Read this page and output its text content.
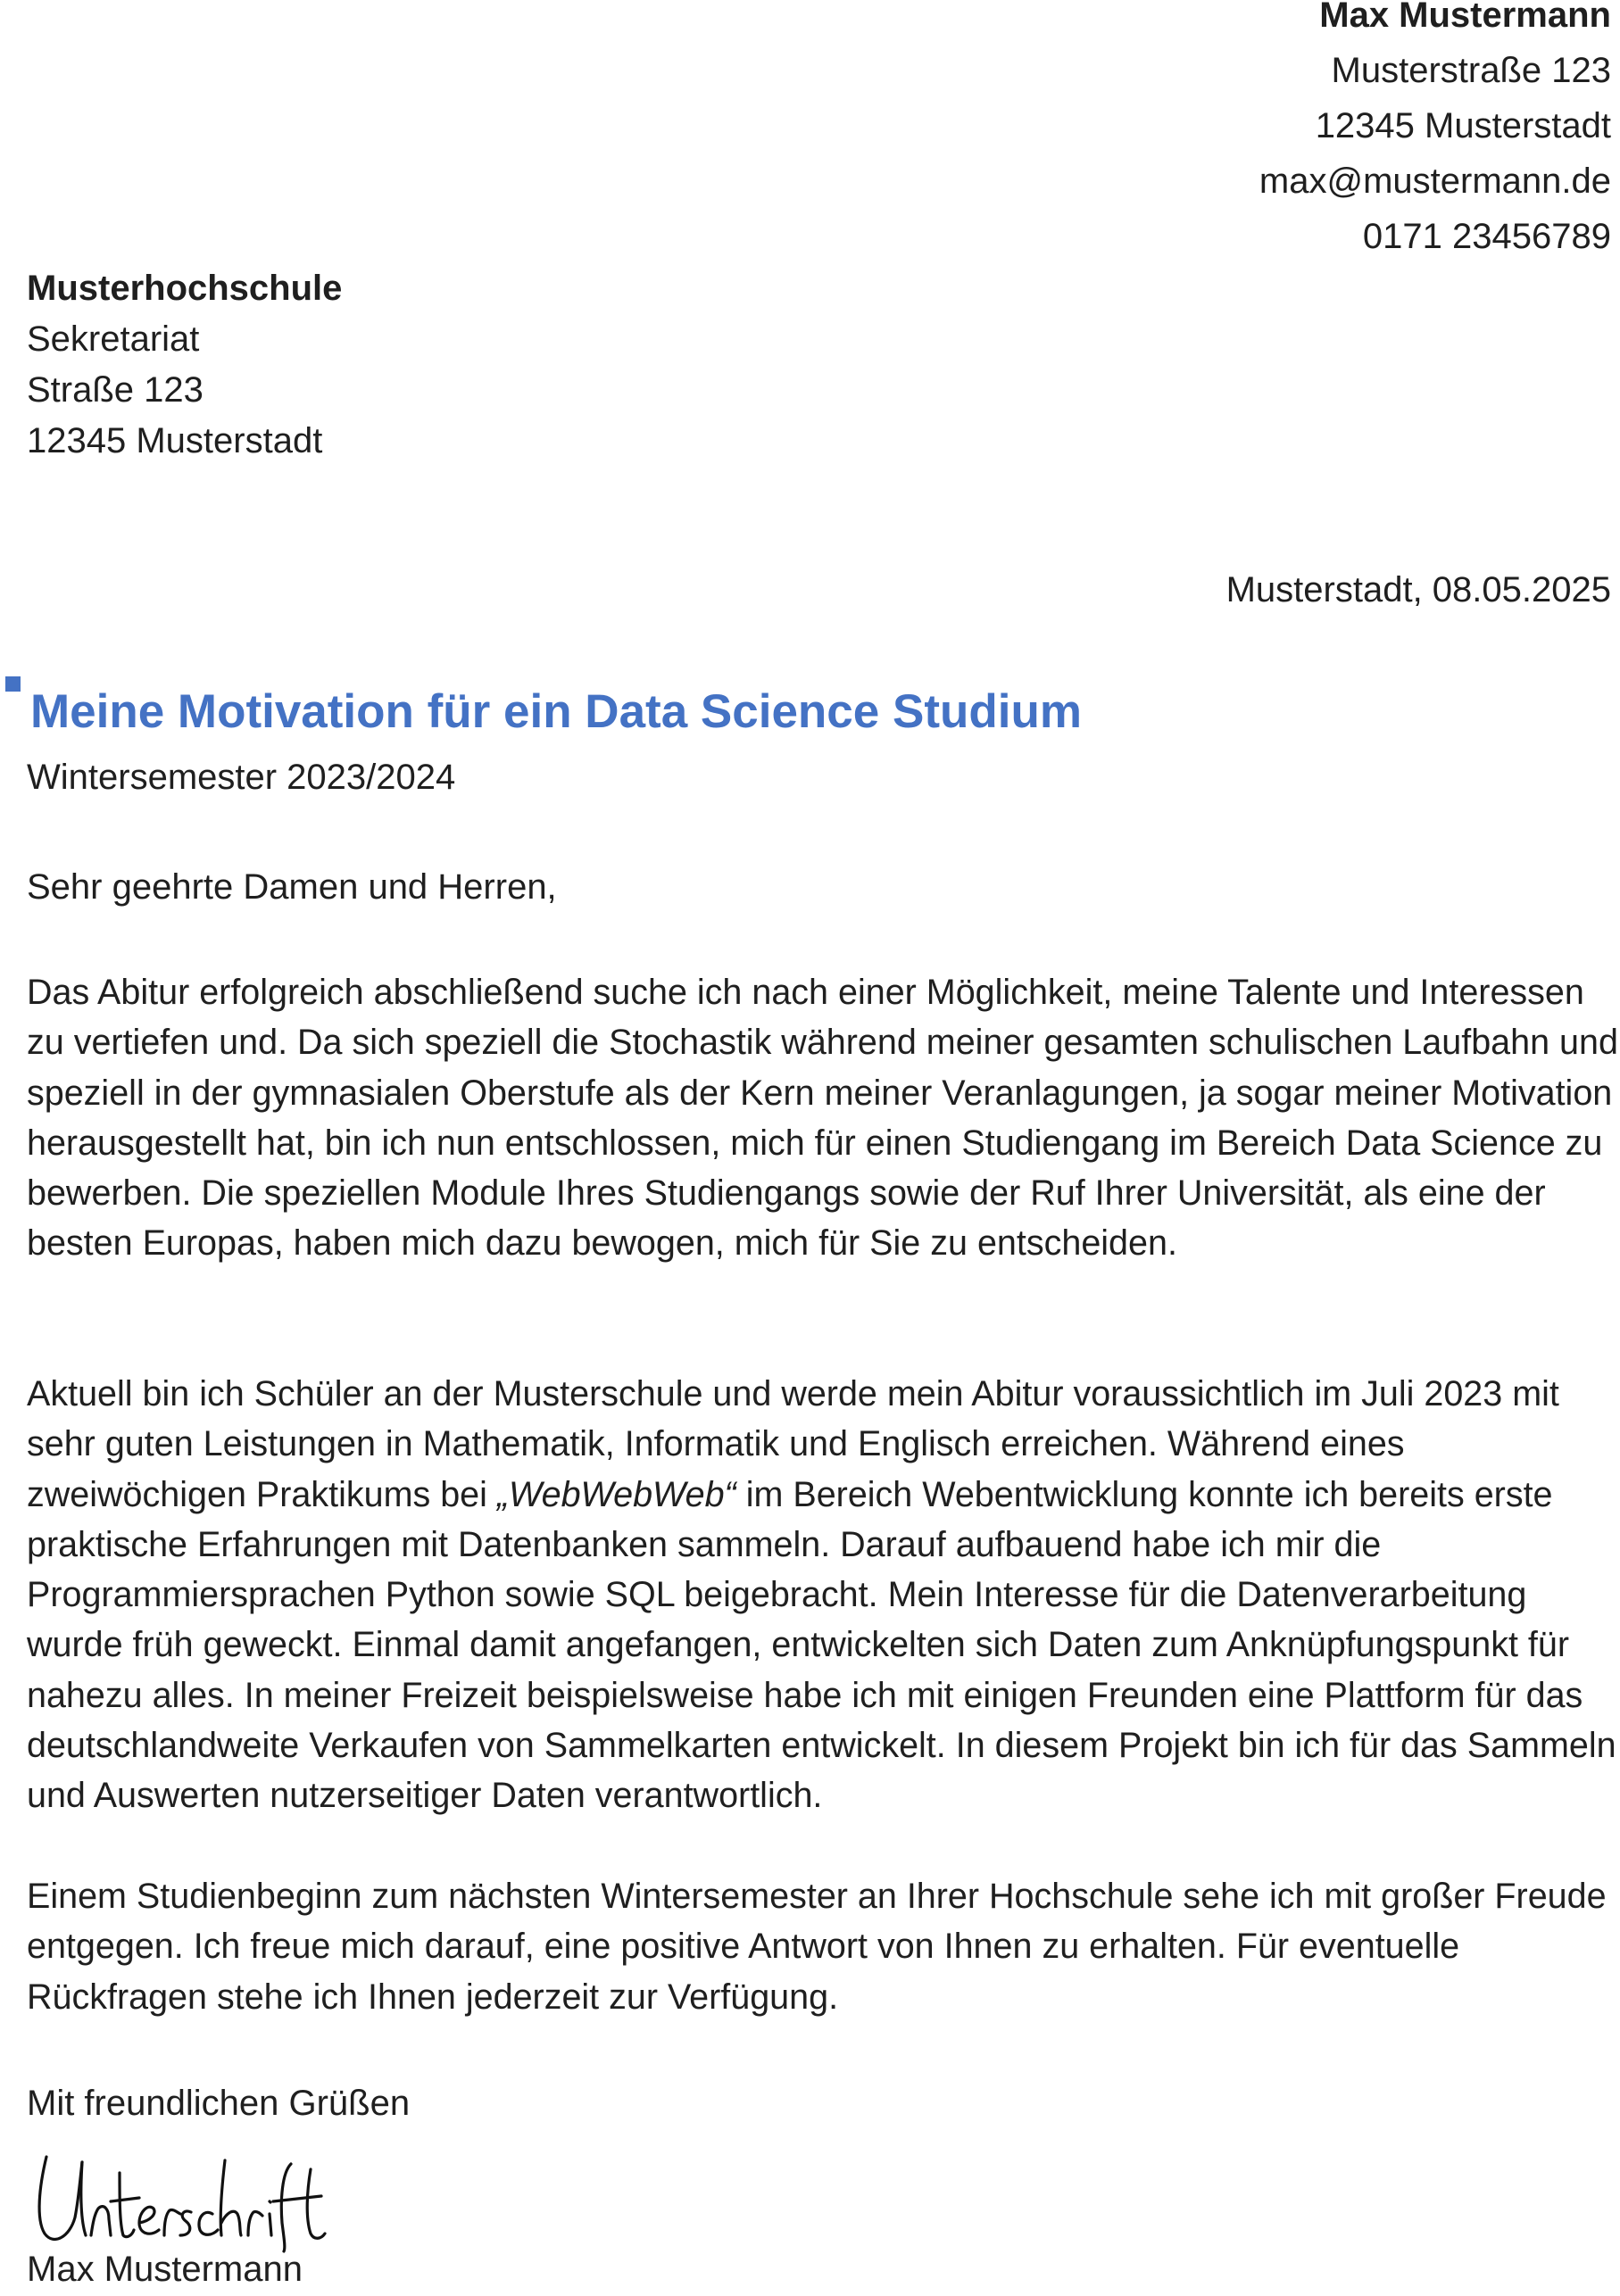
Max Mustermann
Musterstraße 123
12345 Musterstadt
max@mustermann.de
0171 23456789
Musterhochschule
Sekretariat
Straße 123
12345 Musterstadt
Musterstadt, 08.05.2025
Meine Motivation für ein Data Science Studium
Wintersemester 2023/2024
Sehr geehrte Damen und Herren,

Das Abitur erfolgreich abschließend suche ich nach einer Möglichkeit, meine Talente und Interessen zu vertiefen und. Da sich speziell die Stochastik während meiner gesamten schulischen Laufbahn und speziell in der gymnasialen Oberstufe als der Kern meiner Veranlagungen, ja sogar meiner Motivation herausgestellt hat, bin ich nun entschlossen, mich für einen Studiengang im Bereich Data Science zu bewerben. Die speziellen Module Ihres Studiengangs sowie der Ruf Ihrer Universität, als eine der besten Europas, haben mich dazu bewogen, mich für Sie zu entscheiden.

Aktuell bin ich Schüler an der Musterschule und werde mein Abitur voraussichtlich im Juli 2023 mit sehr guten Leistungen in Mathematik, Informatik und Englisch erreichen. Während eines zweiwöchigen Praktikums bei „WebWebWeb“ im Bereich Webentwicklung konnte ich bereits erste praktische Erfahrungen mit Datenbanken sammeln. Darauf aufbauend habe ich mir die Programmiersprachen Python sowie SQL beigebracht. Mein Interesse für die Datenverarbeitung wurde früh geweckt. Einmal damit angefangen, entwickelten sich Daten zum Anknüpfungspunkt für nahezu alles. In meiner Freizeit beispielsweise habe ich mit einigen Freunden eine Plattform für das deutschlandweite Verkaufen von Sammelkarten entwickelt. In diesem Projekt bin ich für das Sammeln und Auswerten nutzerseitiger Daten verantwortlich.

Einem Studienbeginn zum nächsten Wintersemester an Ihrer Hochschule sehe ich mit großer Freude entgegen. Ich freue mich darauf, eine positive Antwort von Ihnen zu erhalten. Für eventuelle Rückfragen stehe ich Ihnen jederzeit zur Verfügung.

Mit freundlichen Grüßen
Max Mustermann
